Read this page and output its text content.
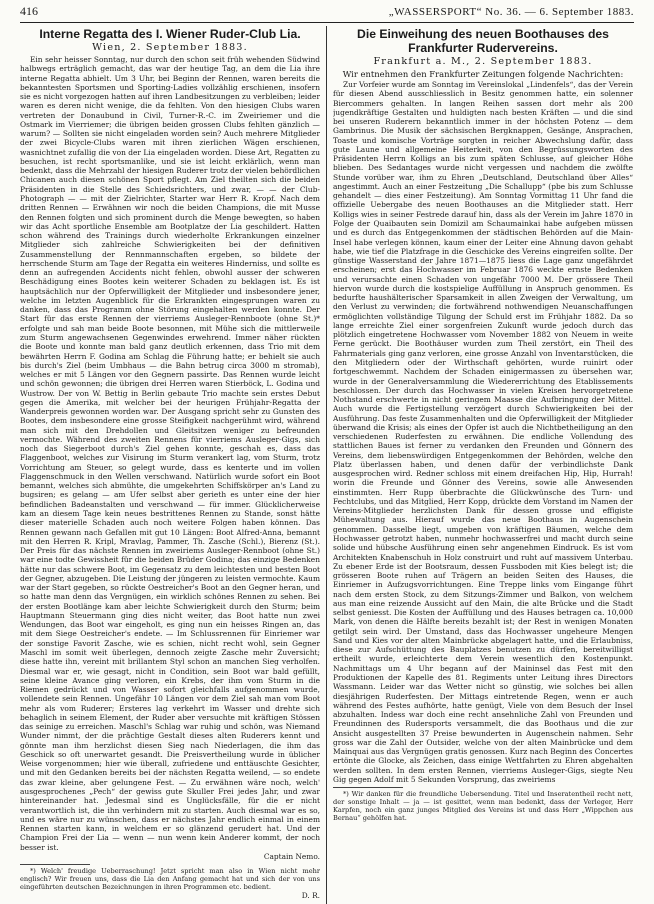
416	„WASSERSPORT“ No. 36. — 6. September 1883.
Interne Regatta des I. Wiener Ruder-Club Lia.
Wien, 2. September 1883.

Ein sehr heisser Sonntag, nur durch den schon seit früh wehenden Südwind halbwegs erträglich gemacht, das war der heutige Tag, an dem die Lia ihre interne Regatta abhielt. Um 3 Uhr, bei Beginn der Rennen, waren bereits die bekanntesten Sportsmen und Sporting-Ladies vollzählig erschienen, insofern sie es nicht vorgezogen hatten auf ihren Landbesitzungen zu verbleiben; leider waren es deren nicht wenige, die da fehlten. Von den hiesigen Clubs waren vertreten der Donaubund in Civil, Turner-R.-C. im Zweiriemer und die Ostmark im Vierriemer; die übrigen beiden grossen Clubs fehlten gänzlich — warum? — Sollten sie nicht eingeladen worden sein? Auch mehrere Mitglieder der zwei Bicycle-Clubs waren mit ihren zierlichen Wägen erschienen, wasnichtnet zufallig die von der Lia eingeladen worden. Diese Art, Regatten zu besuchen, ist recht sportsmanlike, und sie ist leicht erklärlich, wenn man bedenkt, dass die Mehrzahl der hiesigen Ruderer trotz der vielen behördlichen Chicanen auch diesen schönen Sport pflegt. Am Ziel theilten sich die beiden Präsidenten in die Stelle des Schiedsrichters, und zwar, — — der Club-Photograph — — mit der Zielrichter, Starter war Herr R. Kropf. Nach dem dritten Rennen — Erwähnen wir noch die beiden Champions, die mit Musse den Rennen folgten und sich prominent durch die Menge bewegten, so haben wir das Acht sportliche Ensemble am Bootplatze der Lia geschildert. Hatten schon während des Trainings durch wiederholte Erkrankungen einzelner Mitglieder sich zahlreiche Schwierigkeiten bei der definitiven Zusammenstellung der Rennmannschaften ergeben, so bildete der herrschende Sturm am Tage der Regatta ein weiteres Hinderniss, und sollte es denn an aufregenden Accidents nicht fehlen, obwohl ausser der schweren Beschädigung eines Bootes kein weiterer Schaden zu beklagen ist. Es ist hauptsächlich nur der Opferwilligkeit der Mitglieder und insbesondere jener, welche im letzten Augenblick für die Erkrankten eingesprungen waren zu danken, dass das Programm ohne Störung eingehalten werden konnte. Der Start für das erste Rennen der vierriems Ausleger-Rennboote (ohne St.)* erfolgte und sah man beide Boote besonnen, mit Mühe sich die mittlerweile zum Sturm angewachsenen Gegenwindes erwehrend. Immer näher rückten die Boote und konnte man bald ganz deutlich erkennen, dass Trio mit dem bewährten Herrn F. Godina am Schlag die Führung hatte; er behielt sie auch bis durch's Ziel (beim Umbhaus — die Bahn betrug circa 3000 m stromab), welches er mit 5 Längen vor den Gegnern passirte. Das Rennen wurde leicht und schön gewonnen; die übrigen drei Herren waren Stierböck, L. Godina und Wustrow. Der von W. Bettig in Berlin gebaute Trio machte sein erstes Debut gegen die Amerika, mit welcher bei der heurigen Frühjahr-Regatta der Wanderpreis gewonnen worden war. Der Ausgang spricht sehr zu Gunsten des Bootes, dem insbesondere eine grosse Steifigkeit nachgerühmt wird, während man sich mit den Drehdollen und Gleitsitzen weniger zu befreunden vermochte. Während des zweiten Rennens für vierriems Ausleger-Gigs, sich noch das Siegerboot durch's Ziel gehen konnte, geschah es, dass das Flaggenboot, welches zur Visirung im Sturm verankert lag, vom Sturm, trotz Vorrichtung am Steuer, so gelegt wurde, dass es kenterte und im vollen Flaggenschmuck in den Wellen verschwand. Natürlich wurde sofort ein Boot bemannt, welches sich abmühte, die umgekehrten Schiffskörper an's Land zu bugsiren; es gelang — am Ufer selbst aber gerieth es unter eine der hier befindlichen Badeanstalten und verschwand — für immer. Glücklicherweise kam an diesem Tage kein neues bestrittenes Rennen zu Stande, sonst hätte dieser materielle Schaden auch noch weitere Folgen haben können. Das Rennen gewann nach Gefallen mit gut 10 Längen: Boot Alfred-Anna, bemannt mit den Herren R. Kripl, Mravlag, Pammer, Th. Zasche (Schl.), Bierenz (St.). Der Preis für das nächste Rennen im zweiriems Ausleger-Rennboot (ohne St.) war eine todte Gewissheit für die beiden Brüder Godina; das einzige Bedenken hätte nur das schwere Boot, im Gegensatz zu dem leichtesten und besten Boot der Gegner, abzugeben. Die Leistung der jüngeren zu leisten vermochte. Kaum war der Start gegeben, so rückte Oestreicher's Boot an den Gegner heran, und so hatte man denn das Vergnügen, ein wirklich schönes Rennen zu sehen. Bei der ersten Bootlänge kam aber leichte Schwierigkeit durch den Sturm; beim Hauptmann Steuermann ging dies nicht weiter, das Boot hatte nun zwei Wendungen, das Boot war eingeholt, es ging nun ein heisses Ringen an, das mit dem Siege Oestreicher's endete. — Im Schlussrennen für Einriemer war der sonstige Favorit Zasche, wie es schien, nicht recht wohl, sein Gegner Maschl im somit weit überlegen, dennoch zeigte Zasche mehr Zuversicht; diese hatte ihn, vereint mit brillantem Styl schon an manchen Sieg verholfen. Diesmal war er, wie gesagt, nicht in Condition, sein Boot war bald gefüllt, seine kleine Avance ging verloren, ein Krebs, der ihm vom Sturm in die Riemen gedrückt und von Wasser sofort gleichfalls aufgenommen wurde, vollendete sein Rennen. Ungefähr 10 Längen vor dem Ziel sah man vom Boot mehr als vom Ruderer; Ersteres lag verkehrt im Wasser und drehte sich behaglich in seinem Element, der Ruder aber versuchte mit kräftigen Stössen das seinige zu erreichen. Maschl's Schlag war ruhig und schön, was Niemand Wunder nimmt, der die prächtige Gestalt dieses alten Ruderers kennt und gönnte man ihm herzlichst diesen Sieg nach Niederlagen, die ihm das Geschick so oft unerwartet gesandt. Die Preisvertheilung wurde in üblicher Weise vorgenommen; hier wie überall, zufriedene und enttäuschte Gesichter, und mit den Gedanken bereits bei der nächsten Regatta weilend, — so endete das zwar kleine, aber gelungene Fest. — Zu erwähnen wäre noch, welch' ausgesprochenes „Pech“ der gewiss gute Skuller Frei jedes Jahr, und zwar hintereinander hat. Jedesmal sind es Unglücksfälle, für die er nicht verantwortlich ist, die ihn verhindern mit zu starten. Auch diesmal war es so, und es wäre nur zu wünschen, dass er nächstes Jahr endlich einmal in einem Rennen starten kann, in welchem er so glänzend gerudert hat. Und der Champion Frei der Lia — wenn — nun wenn kein Anderer kommt, der noch besser ist.

Captain Nemo.

*) Welch' freudige Ueberraschung! Jetzt spricht man also in Wien nicht mehr englisch? Wir freuen uns, dass die Lia den Anfang gemacht hat und sich der von uns eingeführten deutschen Bezeichnungen in ihren Programmen etc. bedient.

D. R.
Die Einweihung des neuen Boothauses des Frankfurter Rudervereins.
Frankfurt a. M., 2. September 1883.
Wir entnehmen den Frankfurter Zeitungen folgende Nachrichten:

Zur Vorfeier wurde am Sonntag im Vereinslokal „Lindenfels“, das der Verein für diesen Abend ausschliesslich in Besitz genommen hatte, ein solenner Biercommers gehalten. In langen Reihen sassen dort mehr als 200 jugendkräftige Gestalten und huldigten nach besten Kräften — und die sind bei unseren Ruderern bekanntlich immer in der höchsten Potenz — dem Gambrinus. Die Musik der sächsischen Bergknappen, Gesänge, Ansprachen, Toaste und komische Vorträge sorgten in reicher Abwechslung dafür, dass gute Laune und allgemeine Heiterkeit, von den Begrüssungsworten des Präsidenten Herrn Kolligs an bis zum späten Schlusse, auf gleicher Höhe blieben. Des Sedantages wurde nicht vergessen und nachdem die zwölfte Stunde vorüber war, ihm zu Ehren „Deutschland, Deutschland über Alles“ angestimmt. Auch an einer Festzeitung „Die Schallupp“ (pbe bis zum Schlusse gehandelt — dies einer Festzeitung). Am Sonntag Vormittag 11 Uhr fand die offizielle Uebergabe des neuen Boothauses an die Mitglieder statt. Herr Kolligs wies in seiner Festrede darauf hin, dass als der Verein im Jahre 1870 in Folge der Quaibauten sein Domizil am Schaumainkai habe aufgeben müssen und es durch das Entgegenkommen der städtischen Behörden auf die Main-Insel habe verlegen können, kaum einer der Leiter eine Ahnung davon gehabt habe, wie tief die Platzfrage in die Geschicke des Vereins eingreifen sollte. Der günstige Wasserstand der Jahre 1871—1875 liess die Lage ganz ungefährdet erscheinen; erst das Hochwasser im Februar 1876 weckte ernste Bedenken und verursachte einen Schaden von ungefähr 7000 M. Der grössere Theil hiervon wurde durch die kostspielige Auffüllung in Anspruch genommen. Es bedurfte haushälterischer Sparsamkeit in allen Zweigen der Verwaltung, um den Verlust zu verwinden; die fortwährend nothwendigen Neuanschaffungen ermöglichten vollständige Tilgung der Schuld erst im Frühjahr 1882. Da so lange erreichte Ziel einer sorgenfreien Zukunft wurde jedoch durch das plötzlich eingetretene Hochwasser vom November 1882 von Neuem in weite Ferne gerückt. Die Boothäuser wurden zum Theil zerstört, ein Theil des Fahrmaterials ging ganz verloren, eine grosse Anzahl von Inventarstücken, die den Mitgliedern oder der Wirthschaft gehörten, wurde ruinirt oder fortgeschwemmt. Nachdem der Schaden einigermassen zu übersehen war, wurde in der Generalversammlung die Wiedererrichtung des Etablissements beschlossen. Der durch das Hochwasser in vielen Kreisen hervorgetretene Nothstand erschwerte in nicht geringem Maasse die Aufbringung der Mittel. Auch wurde die Fertigstellung verzögert durch Schwierigkeiten bei der Ausführung. Das feste Zusammenhalten und die Opferwilligkeit der Mitglieder überwand die Krisis; als eines der Opfer ist auch die Nichtbetheiligung an den verschiedenen Ruderfesten zu erwähnen. Die endliche Vollendung des stattlichen Baues ist ferner zu verdanken den Freunden und Gönnern des Vereins, dem liebenswürdigen Entgegenkommen der Behörden, welche den Platz überlassen haben, und denen dafür der verbindlichste Dank ausgesprochen wird. Redner schloss mit einem dreifachen Hip, Hip, Hurrah! worin die Freunde und Gönner des Vereins, sowie alle Anwesenden einstimmten. Herr Rupp überbrachte die Glückwünsche des Turn- und Fechtclubs, und das Mitglied, Herr Kopp, drückte dem Vorstand im Namen der Vereins-Mitglieder herzlichsten Dank für dessen grosse und effigiste Mühewaltung aus. Hierauf wurde das neue Boothaus in Augenschein genommen. Dasselbe liegt, umgeben von kräftigen Bäumen, welche dem Hochwasser getrotzt haben, nunmehr hochwasserfrei und macht durch seine solide und hübsche Ausführung einen sehr angenehmen Eindruck. Es ist vom Architekten Knabenschuh in Holz construirt und ruht auf massivem Unterbau. Zu ebener Erde ist der Bootsraum, dessen Fussboden mit Kies belegt ist; die grösseren Boote ruhen auf Trägern an beiden Seiten des Hauses, die Einriemer in Aufzugsvorrichtungen. Eine Treppe links vom Eingange führt nach dem ersten Stock, zu dem Sitzungs-Zimmer und Balkon, von welchem aus man eine reizende Aussicht auf den Main, die alte Brücke und die Stadt selbst geniesst. Die Kosten der Auffüllung und des Hauses betragen ca. 10,000 Mark, von denen die Hälfte bereits bezahlt ist; der Rest in wenigen Monaten getilgt sein wird. Der Umstand, dass das Hochwasser ungeheure Mengen Sand und Kies vor der alten Mainbrücke abgelagert hatte, und die Erlaubniss, diese zur Aufschüttung des Bauplatzes benutzen zu dürfen, bereitwilligst ertheilt wurde, erleichterte dem Verein wesentlich den Kostenpunkt. Nachmittags um 4 Uhr begann auf der Maininsel das Fest mit den Produktionen der Kapelle des 81. Regiments unter Leitung ihres Directors Wassmann. Leider war das Wetter nicht so günstig, wie solches bei allen diesjährigen Ruderfesten. Der Mittags eintretende Regen, wenn er auch während des Festes aufhörte, hatte genügt, Viele von dem Besuch der Insel abzuhalten. Indess war doch eine recht ansehnliche Zahl von Freunden und Freundinnen des Rudersports versammelt, die das Boothaus und die zur Ansicht ausgestellten 37 Preise bewunderten in Augenschein nahmen. Sehr gross war die Zahl der Outsider, welche von der alten Mainbrücke und dem Mainquai aus das Vergnügen gratis genossen. Kurz nach Beginn des Concertes ertönte die Glocke, als Zeichen, dass einige Wettfahrten zu Ehren abgehalten werden sollten. In dem ersten Rennen, vierriems Ausleger-Gigs, siegte Neu Gig gegen Adolf mit 5 Sekunden Vorsprung, das zweiriems

*) Wir danken für die freundliche Uebersendung. Titel und Inseratentheil recht nett, der sonstige Inhalt — ja — ist gesittet, wenn man bedenkt, dass der Verleger, Herr Karpfen, noch ein ganz junges Mitglied des Vereins ist und dass Herr „Wippchen aus Bernau“ gehölfen hat.
